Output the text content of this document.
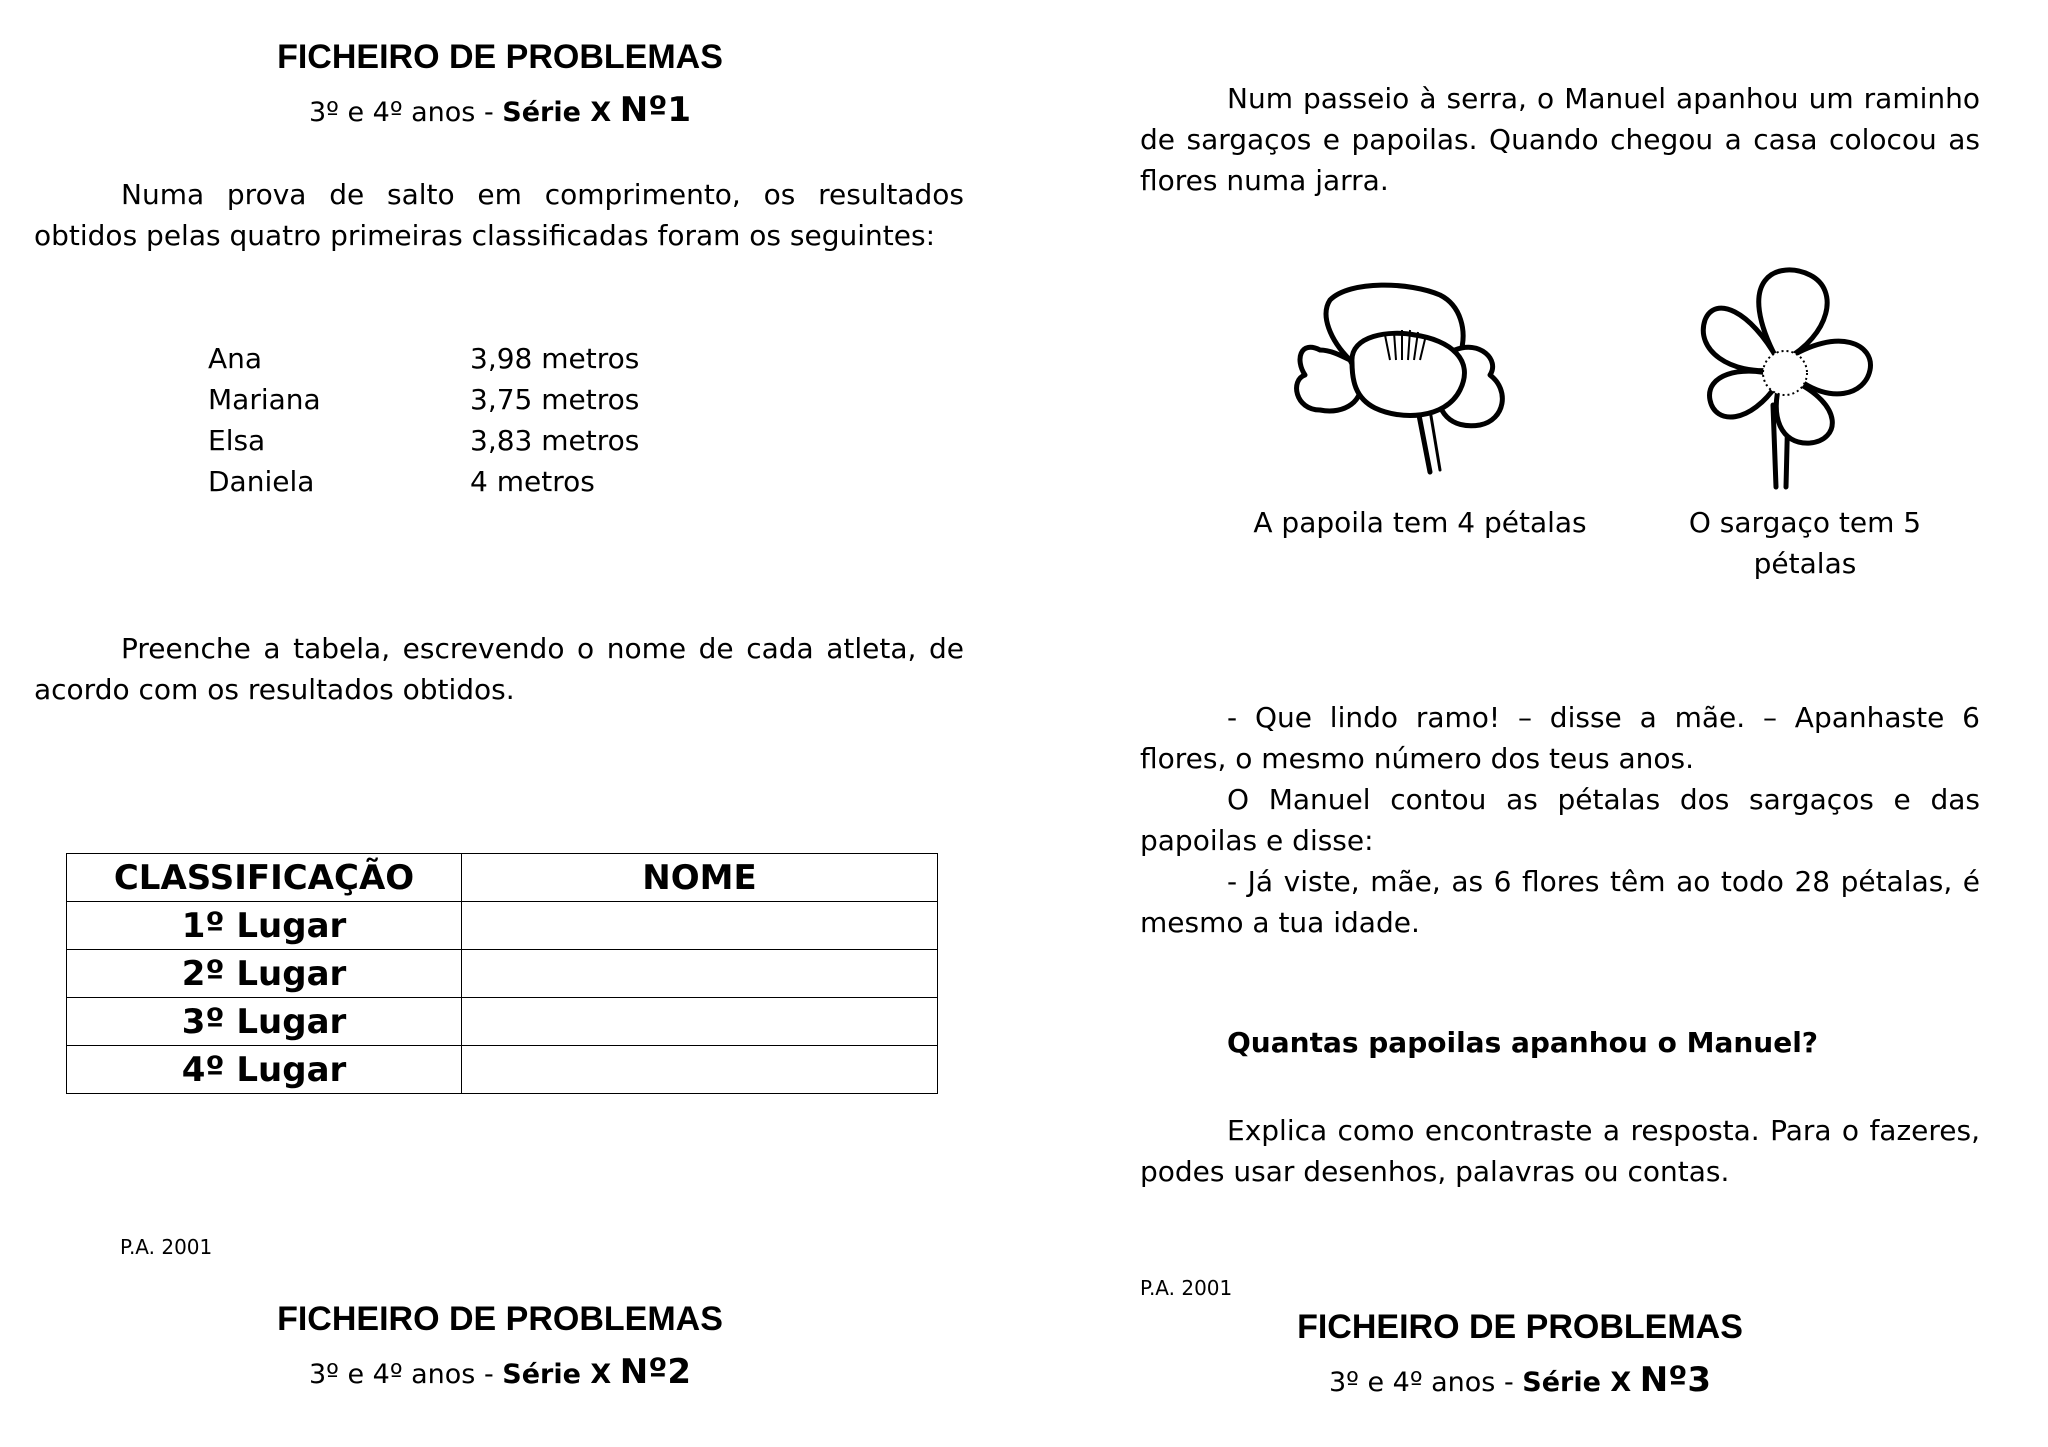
FICHEIRO DE PROBLEMAS
3º e 4º anos - Série X Nº1
Numa prova de salto em comprimento, os resultados obtidos pelas quatro primeiras classificadas foram os seguintes:
Ana	3,98 metros
Mariana	3,75 metros
Elsa	3,83 metros
Daniela	4 metros
Preenche a tabela, escrevendo o nome de cada atleta, de acordo com os resultados obtidos.
CLASSIFICAÇÃO	NOME
1º Lugar	
2º Lugar	
3º Lugar	
4º Lugar	
P.A. 2001
FICHEIRO DE PROBLEMAS
3º e 4º anos - Série X Nº2
Num passeio à serra, o Manuel apanhou um raminho de sargaços e papoilas. Quando chegou a casa colocou as flores numa jarra.
A papoila tem 4 pétalas	O sargaço tem 5 pétalas
- Que lindo ramo! – disse a mãe. – Apanhaste 6 flores, o mesmo número dos teus anos.
O Manuel contou as pétalas dos sargaços e das papoilas e disse:
- Já viste, mãe, as 6 flores têm ao todo 28 pétalas, é mesmo a tua idade.
Quantas papoilas apanhou o Manuel?
Explica como encontraste a resposta. Para o fazeres, podes usar desenhos, palavras ou contas.
P.A. 2001
FICHEIRO DE PROBLEMAS
3º e 4º anos - Série X Nº3
